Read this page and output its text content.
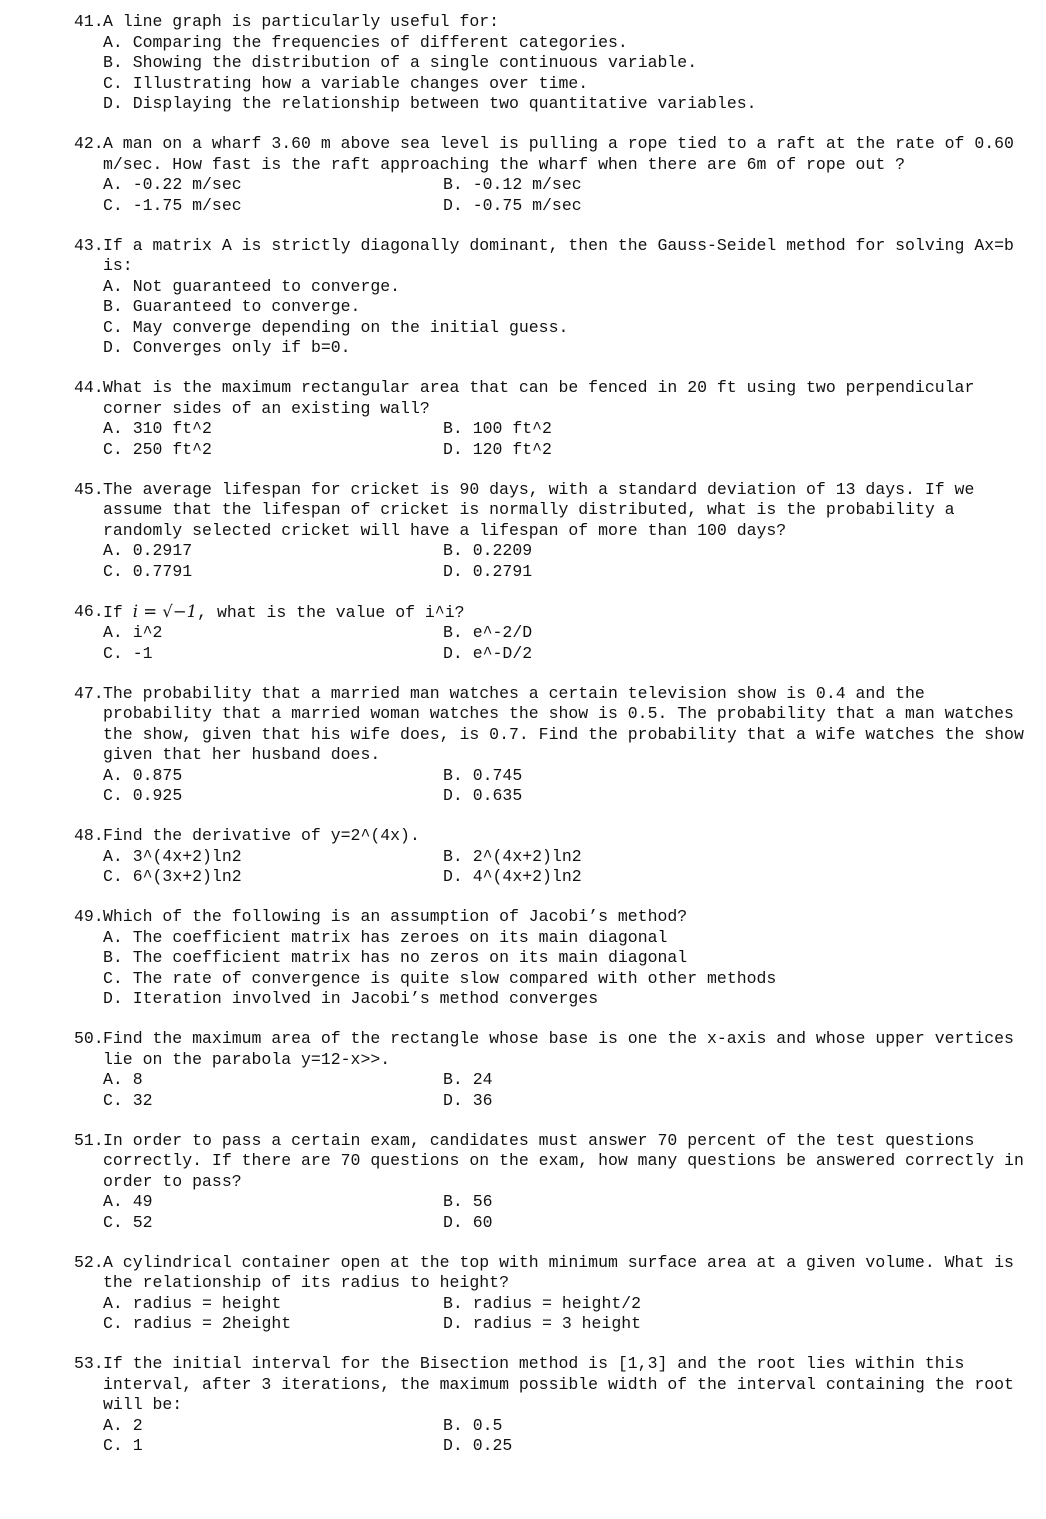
41. A line graph is particularly useful for:
A. Comparing the frequencies of different categories.
B. Showing the distribution of a single continuous variable.
C. Illustrating how a variable changes over time.
D. Displaying the relationship between two quantitative variables.
42. A man on a wharf 3.60 m above sea level is pulling a rope tied to a raft at the rate of 0.60 m/sec. How fast is the raft approaching the wharf when there are 6m of rope out ?
A. -0.22 m/sec	B. -0.12 m/sec
C. -1.75 m/sec	D. -0.75 m/sec
43. If a matrix A is strictly diagonally dominant, then the Gauss-Seidel method for solving Ax=b is:
A. Not guaranteed to converge.
B. Guaranteed to converge.
C. May converge depending on the initial guess.
D. Converges only if b=0.
44. What is the maximum rectangular area that can be fenced in 20 ft using two perpendicular corner sides of an existing wall?
A. 310 ft^2	B. 100 ft^2
C. 250 ft^2	D. 120 ft^2
45. The average lifespan for cricket is 90 days, with a standard deviation of 13 days. If we assume that the lifespan of cricket is normally distributed, what is the probability a randomly selected cricket will have a lifespan of more than 100 days?
A. 0.2917	B. 0.2209
C. 0.7791	D. 0.2791
46. If i = √−1, what is the value of i^i?
A. i^2	B. e^-2/D
C. -1	D. e^-D/2
47. The probability that a married man watches a certain television show is 0.4 and the probability that a married woman watches the show is 0.5. The probability that a man watches the show, given that his wife does, is 0.7. Find the probability that a wife watches the show given that her husband does.
A. 0.875	B. 0.745
C. 0.925	D. 0.635
48. Find the derivative of y=2^(4x).
A. 3^(4x+2)ln2	B. 2^(4x+2)ln2
C. 6^(3x+2)ln2	D. 4^(4x+2)ln2
49. Which of the following is an assumption of Jacobi’s method?
A. The coefficient matrix has zeroes on its main diagonal
B. The coefficient matrix has no zeros on its main diagonal
C. The rate of convergence is quite slow compared with other methods
D. Iteration involved in Jacobi’s method converges
50. Find the maximum area of the rectangle whose base is one the x-axis and whose upper vertices lie on the parabola y=12-x>>.
A. 8	B. 24
C. 32	D. 36
51. In order to pass a certain exam, candidates must answer 70 percent of the test questions correctly. If there are 70 questions on the exam, how many questions be answered correctly in order to pass?
A. 49	B. 56
C. 52	D. 60
52. A cylindrical container open at the top with minimum surface area at a given volume. What is the relationship of its radius to height?
A. radius = height	B. radius = height/2
C. radius = 2height	D. radius = 3 height
53. If the initial interval for the Bisection method is [1,3] and the root lies within this interval, after 3 iterations, the maximum possible width of the interval containing the root will be:
A. 2	B. 0.5
C. 1	D. 0.25
